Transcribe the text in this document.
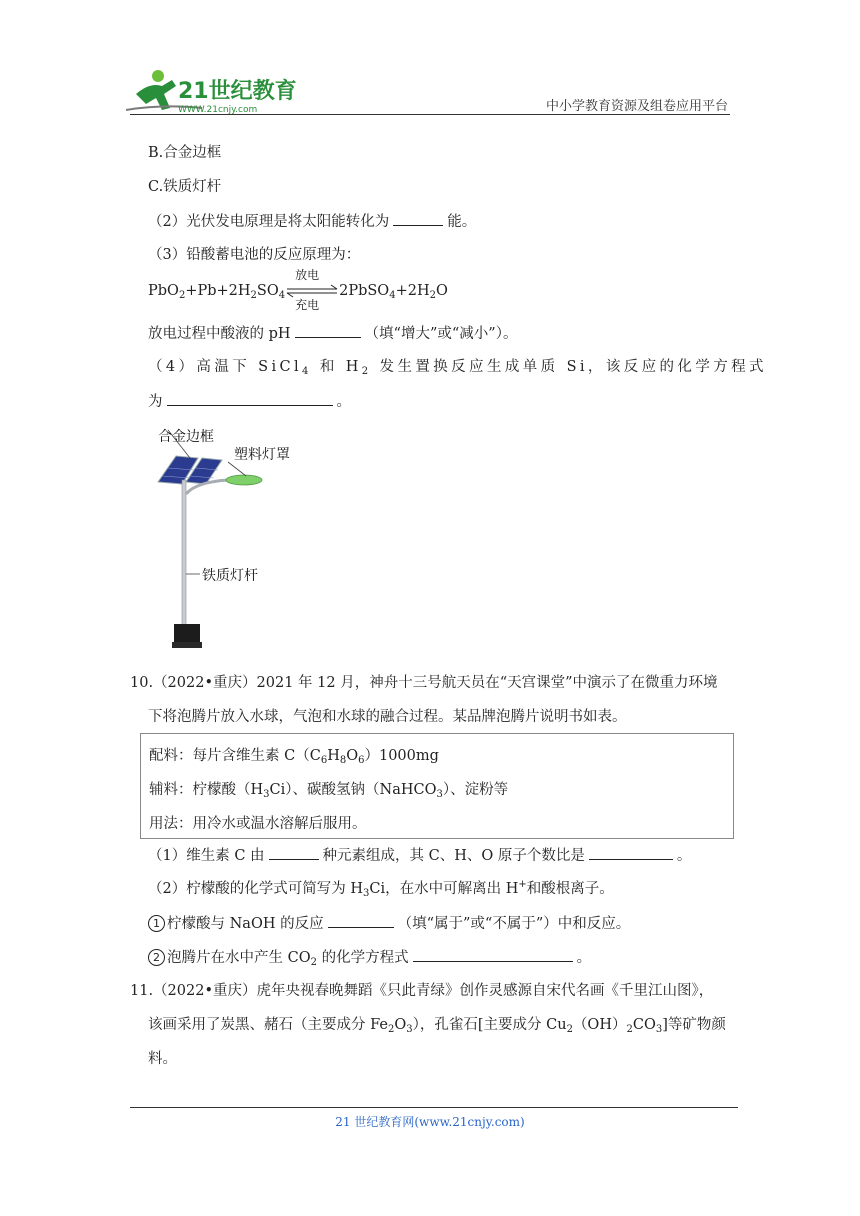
21世纪教育
WWW.21cnjy.com	中小学教育资源及组卷应用平台
B.合金边框
C.铁质灯杆
（2）光伏发电原理是将太阳能转化为	能。
（3）铅酸蓄电池的反应原理为：
$PbO_2+Pb+2H_2SO_4$
放电
充电
$2PbSO_4+2H_2O$
放电过程中酸液的 pH	（填“增大”或“减小”）。
（4）高温下 SiCl$_4$ 和 $H_2$ 发生置换反应生成单质 Si，该反应的化学方程式
为	。
合金边框
塑料灯罩
铁质灯杆
10.（2022•重庆）2021 年 12 月，神舟十三号航天员在“天宫课堂”中演示了在微重力环境
下将泡腾片放入水球，气泡和水球的融合过程。某品牌泡腾片说明书如表。
配料：每片含维生素 $C(C_6H_8O_6)1000mg$
辅料：柠檬酸$(H_3Ci)$、碳酸氢钠（NaHCO$_3$）、淀粉等
用法：用冷水或温水溶解后服用。
（1）维生素 C 由	种元素组成，其 C、H、O 原子个数比是	。
（2）柠檬酸的化学式可简写为 $H_3Ci$，在水中可解离出 H+和酸根离子。
1 柠檬酸与 NaOH 的反应	（填“属于”或“不属于”）中和反应。
2 泡腾片在水中产生 $CO_2$ 的化学方程式	。
11.（2022•重庆）虎年央视春晚舞蹈《只此青绿》创作灵感源自宋代名画《千里江山图》，
该画采用了炭黑、赭石（主要成分 $Fe_2O_3$），孔雀石[主要成分 $Cu_2(OH)_2CO_3$]等矿物颜
料。
21 世纪教育网(www.21cnjy.com)
